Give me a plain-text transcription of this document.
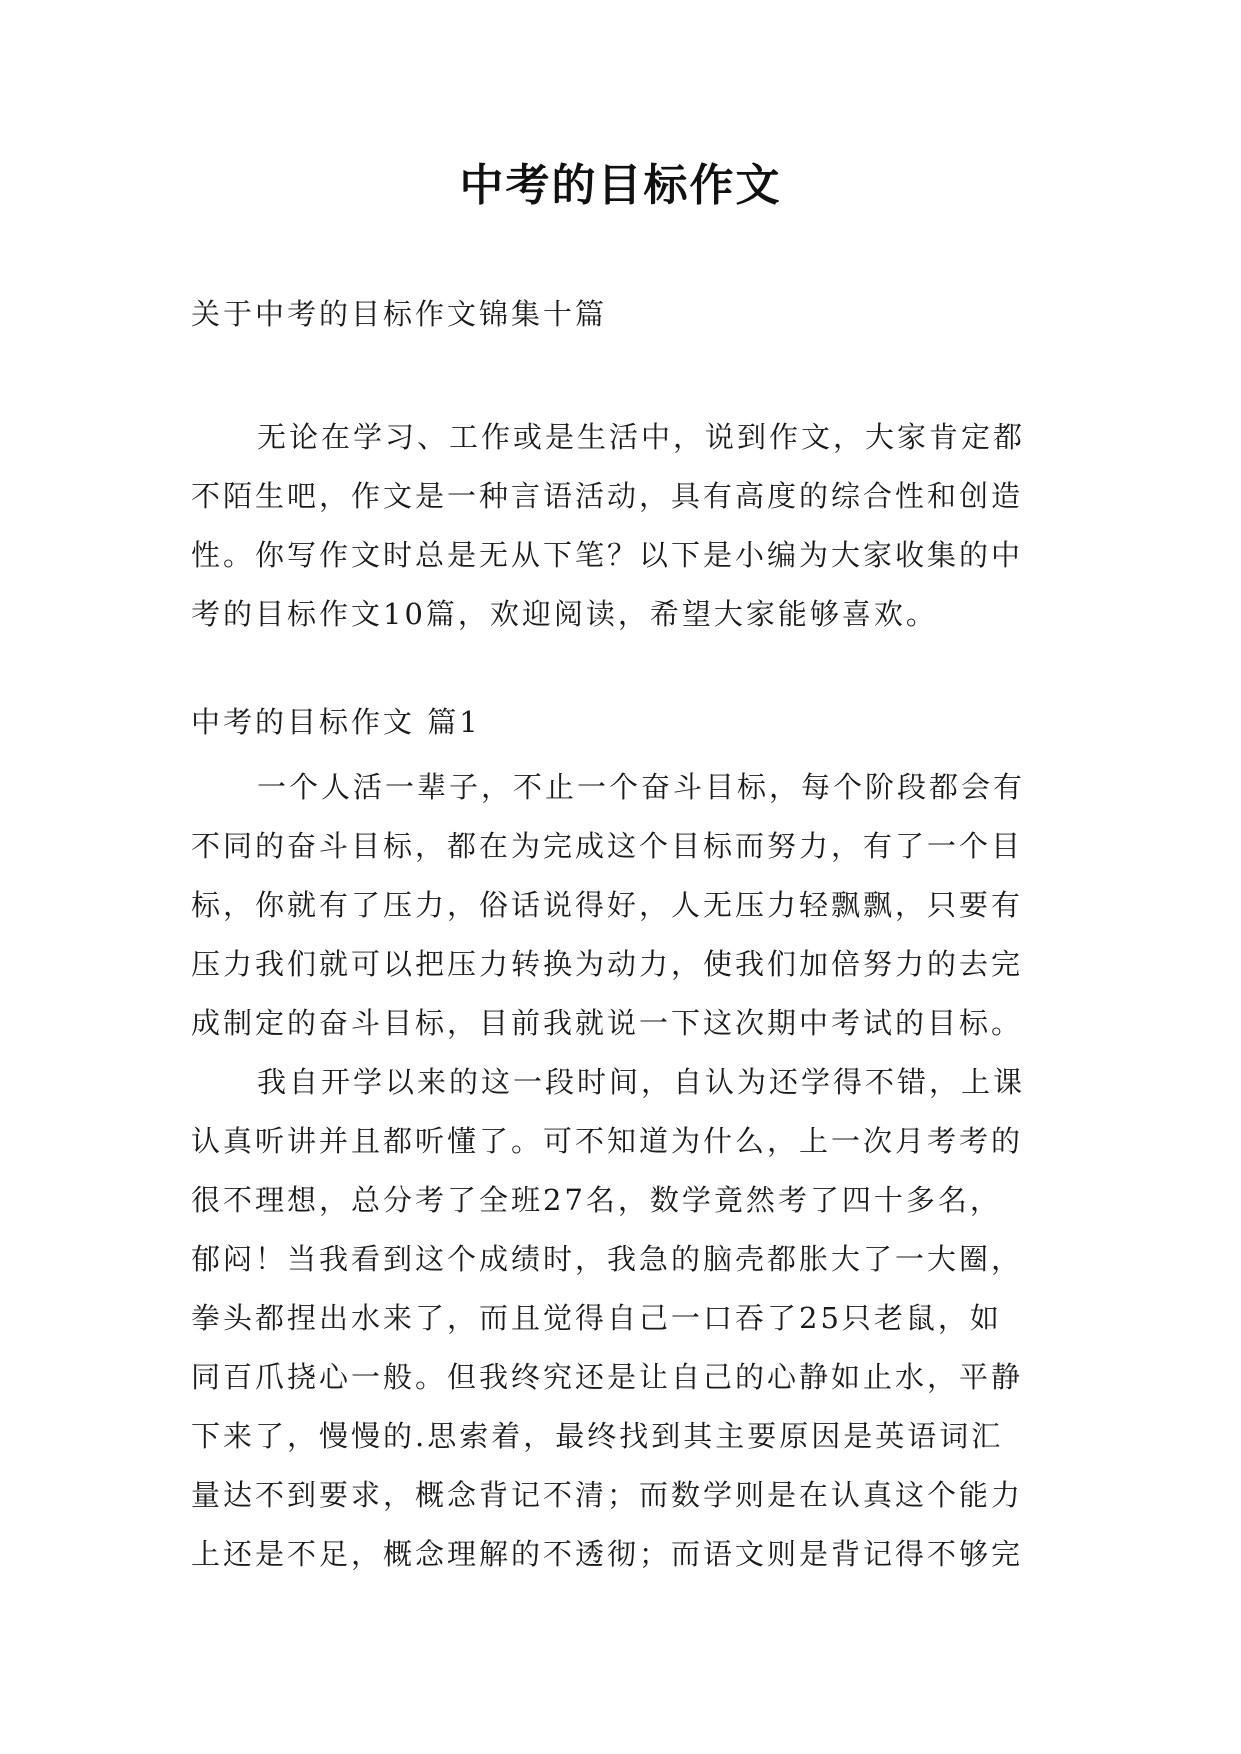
中考的目标作文

关于中考的目标作文锦集十篇

无论在学习、工作或是生活中，说到作文，大家肯定都
不陌生吧，作文是一种言语活动，具有高度的综合性和创造
性。你写作文时总是无从下笔？以下是小编为大家收集的中
考的目标作文10篇，欢迎阅读，希望大家能够喜欢。

中考的目标作文 篇1

一个人活一辈子，不止一个奋斗目标，每个阶段都会有
不同的奋斗目标，都在为完成这个目标而努力，有了一个目
标，你就有了压力，俗话说得好，人无压力轻飘飘，只要有
压力我们就可以把压力转换为动力，使我们加倍努力的去完
成制定的奋斗目标，目前我就说一下这次期中考试的目标。
我自开学以来的这一段时间，自认为还学得不错，上课
认真听讲并且都听懂了。可不知道为什么，上一次月考考的
很不理想，总分考了全班27名，数学竟然考了四十多名，
郁闷！当我看到这个成绩时，我急的脑壳都胀大了一大圈，
拳头都捏出水来了，而且觉得自己一口吞了25只老鼠，如
同百爪挠心一般。但我终究还是让自己的心静如止水，平静
下来了，慢慢的.思索着，最终找到其主要原因是英语词汇
量达不到要求，概念背记不清；而数学则是在认真这个能力
上还是不足，概念理解的不透彻；而语文则是背记得不够完
